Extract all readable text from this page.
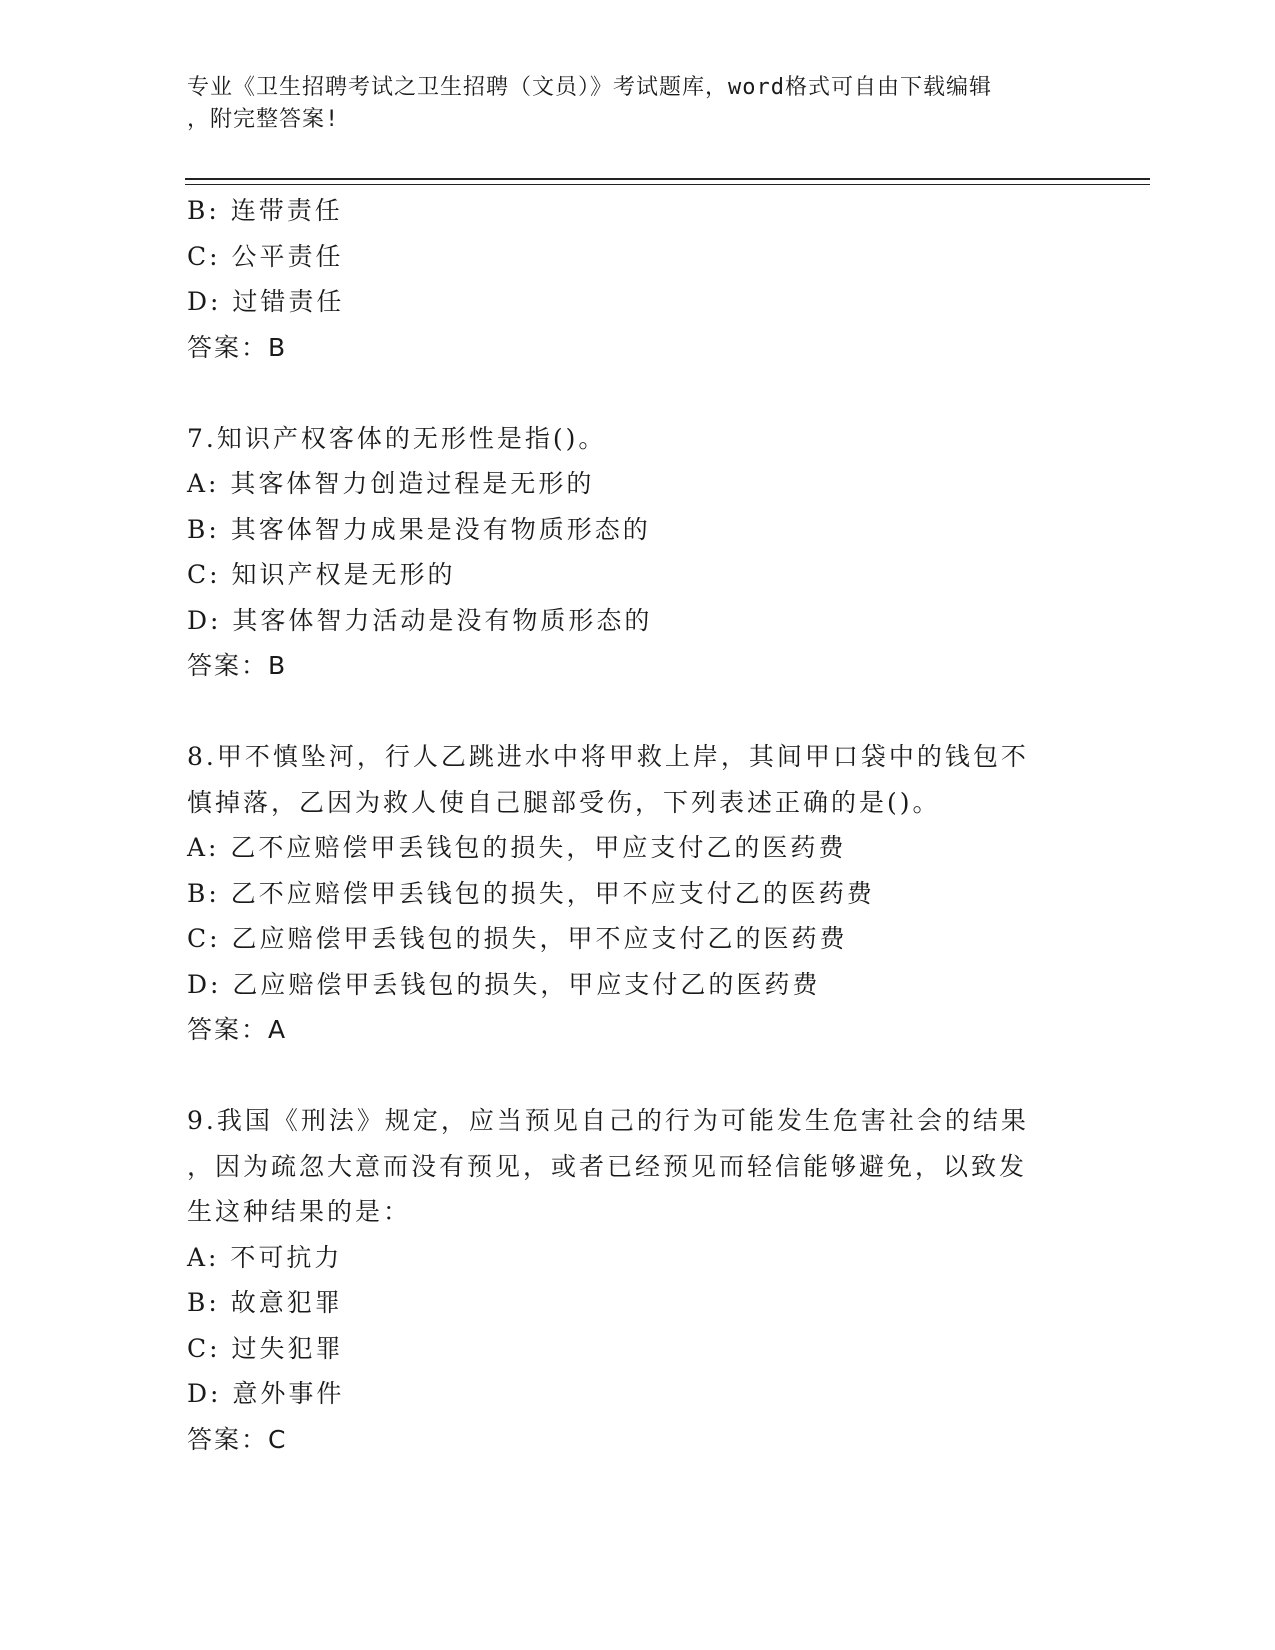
专业《卫生招聘考试之卫生招聘（文员）》考试题库，word格式可自由下载编辑
，附完整答案!
B: 连带责任
C: 公平责任
D: 过错责任
答案：B
7.知识产权客体的无形性是指()。
A: 其客体智力创造过程是无形的
B: 其客体智力成果是没有物质形态的
C: 知识产权是无形的
D: 其客体智力活动是没有物质形态的
答案：B
8.甲不慎坠河，行人乙跳进水中将甲救上岸，其间甲口袋中的钱包不
慎掉落，乙因为救人使自己腿部受伤，下列表述正确的是()。
A: 乙不应赔偿甲丢钱包的损失，甲应支付乙的医药费
B: 乙不应赔偿甲丢钱包的损失，甲不应支付乙的医药费
C: 乙应赔偿甲丢钱包的损失，甲不应支付乙的医药费
D: 乙应赔偿甲丢钱包的损失，甲应支付乙的医药费
答案：A
9.我国《刑法》规定，应当预见自己的行为可能发生危害社会的结果
，因为疏忽大意而没有预见，或者已经预见而轻信能够避免，以致发
生这种结果的是：
A: 不可抗力
B: 故意犯罪
C: 过失犯罪
D: 意外事件
答案：C
